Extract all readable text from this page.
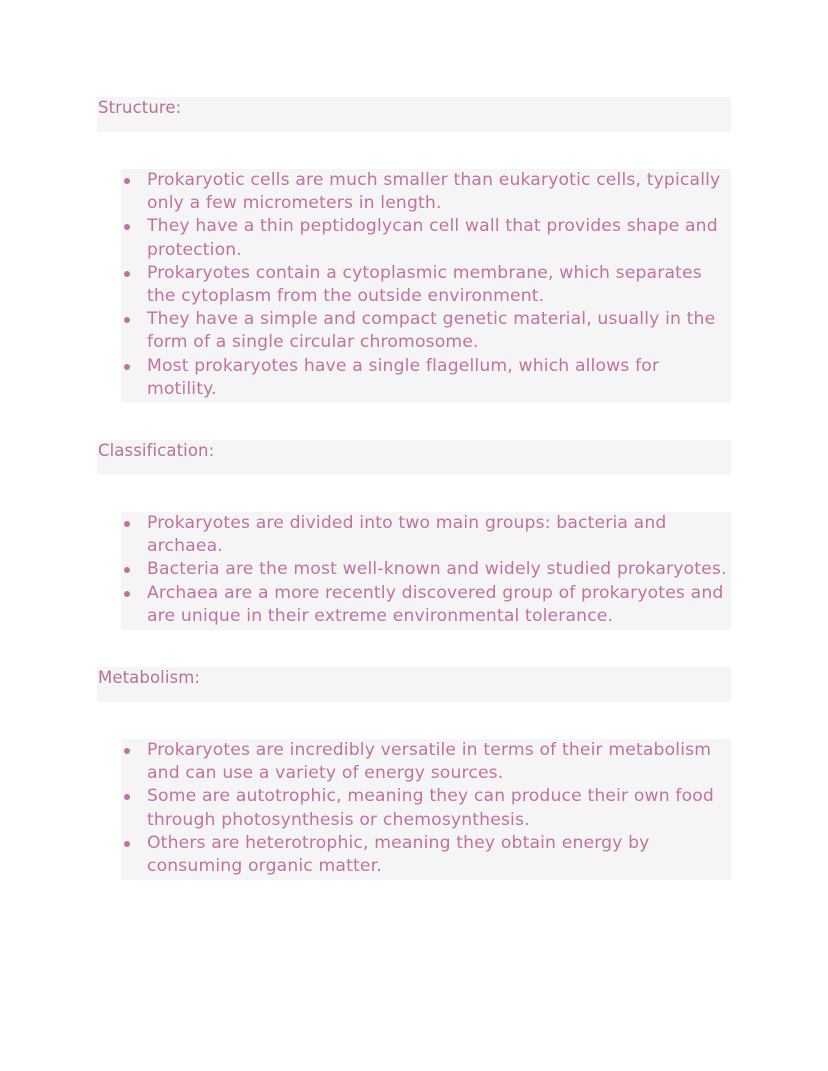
Structure:
Prokaryotic cells are much smaller than eukaryotic cells, typically only a few micrometers in length.
They have a thin peptidoglycan cell wall that provides shape and protection.
Prokaryotes contain a cytoplasmic membrane, which separates the cytoplasm from the outside environment.
They have a simple and compact genetic material, usually in the form of a single circular chromosome.
Most prokaryotes have a single flagellum, which allows for motility.
Classification:
Prokaryotes are divided into two main groups: bacteria and archaea.
Bacteria are the most well-known and widely studied prokaryotes.
Archaea are a more recently discovered group of prokaryotes and are unique in their extreme environmental tolerance.
Metabolism:
Prokaryotes are incredibly versatile in terms of their metabolism and can use a variety of energy sources.
Some are autotrophic, meaning they can produce their own food through photosynthesis or chemosynthesis.
Others are heterotrophic, meaning they obtain energy by consuming organic matter.
